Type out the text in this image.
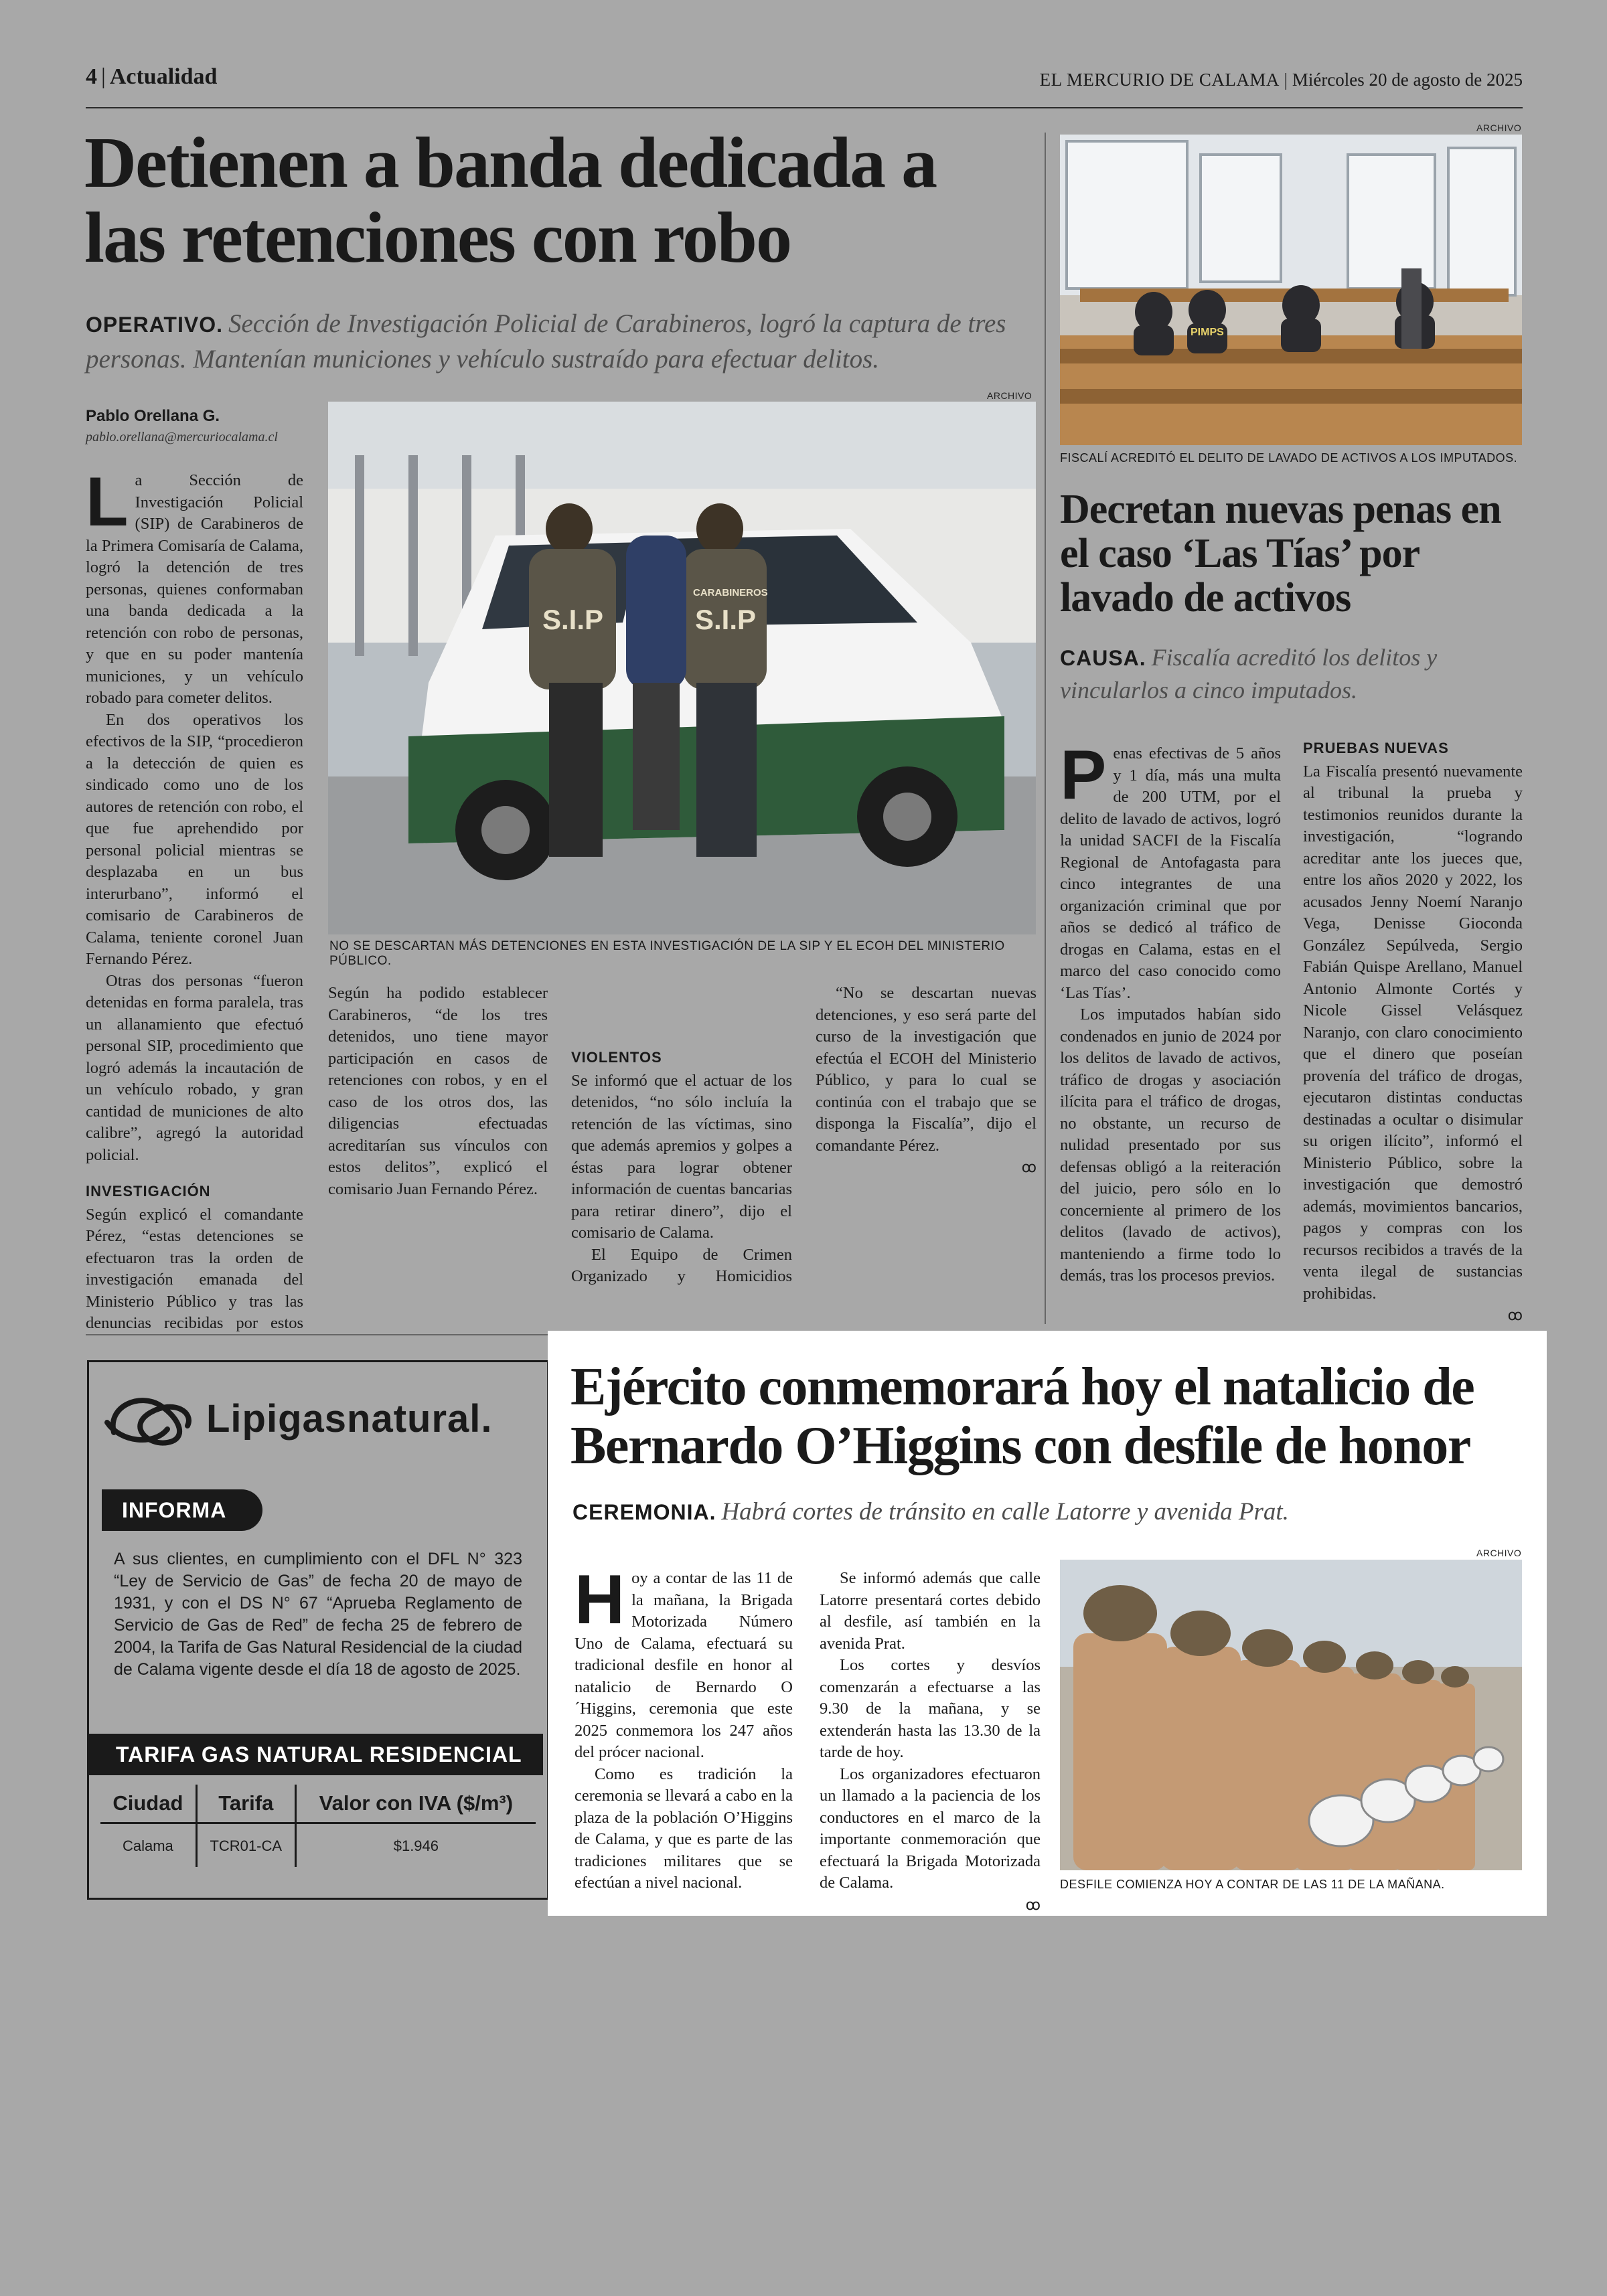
4 | Actualidad	EL MERCURIO DE CALAMA | Miércoles 20 de agosto de 2025
Detienen a banda dedicada a las retenciones con robo
OPERATIVO. Sección de Investigación Policial de Carabineros, logró la captura de tres personas. Mantenían municiones y vehículo sustraído para efectuar delitos.
Pablo Orellana G.
pablo.orellana@mercuriocalama.cl
ARCHIVO
S.I.P	S.I.P
CARABINEROS
NO SE DESCARTAN MÁS DETENCIONES EN ESTA INVESTIGACIÓN DE LA SIP Y EL ECOH DEL MINISTERIO PÚBLICO.

La Sección de Investigación Policial (SIP) de Carabineros de la Primera Comisaría de Calama, logró la detención de tres personas, quienes conformaban una banda dedicada a la retención con robo de personas, y que en su poder mantenía municiones, y un vehículo robado para cometer delitos.

En dos operativos los efectivos de la SIP, “procedieron a la detección de quien es sindicado como uno de los autores de retención con robo, el que fue aprehendido por personal policial mientras se desplazaba en un bus interurbano”, informó el comisario de Carabineros de Calama, teniente coronel Juan Fernando Pérez.

Otras dos personas “fueron detenidas en forma paralela, tras un allanamiento que efectuó personal SIP, procedimiento que logró además la incautación de un vehículo robado, y gran cantidad de municiones de alto calibre”, agregó la autoridad policial.

INVESTIGACIÓN

Según explicó el comandante Pérez, “estas detenciones se efectuaron tras la orden de investigación emanada del Ministerio Público y tras las denuncias recibidas por estos

Según ha podido establecer Carabineros, “de los tres detenidos, uno tiene mayor participación en casos de retenciones con robos, y en el caso de los otros dos, las diligencias efectuadas acreditarían sus vínculos con estos delitos”, explicó el comisario Juan Fernando Pérez.

VIOLENTOS

Se informó que el actuar de los detenidos, “no sólo incluía la retención de las víctimas, sino que además apremios y golpes a éstas para lograr obtener información de cuentas bancarias para retirar dinero”, dijo el comisario de Calama.

El Equipo de Crimen Organizado y Homicidios

“No se descartan nuevas detenciones, y eso será parte del curso de la investigación que efectúa el ECOH del Ministerio Público, y para lo cual se continúa con el trabajo que se disponga la Fiscalía”, dijo el comandante Pérez.

ꝏ
ARCHIVO
PIMPS
FISCALÍ ACREDITÓ EL DELITO DE LAVADO DE ACTIVOS A LOS IMPUTADOS.
Decretan nuevas penas en el caso ‘Las Tías’ por lavado de activos
CAUSA. Fiscalía acreditó los delitos y vincularlos a cinco imputados.

Penas efectivas de 5 años y 1 día, más una multa de 200 UTM, por el delito de lavado de activos, logró la unidad SACFI de la Fiscalía Regional de Antofagasta para cinco integrantes de una organización criminal que por años se dedicó al tráfico de drogas en Calama, estas en el marco del caso conocido como ‘Las Tías’.

Los imputados habían sido condenados en junio de 2024 por los delitos de lavado de activos, tráfico de drogas y asociación ilícita para el tráfico de drogas, no obstante, un recurso de nulidad presentado por sus defensas obligó a la reiteración del juicio, pero sólo en lo concerniente al primero de los delitos (lavado de activos), manteniendo a firme todo lo demás, tras los procesos previos.

PRUEBAS NUEVAS

La Fiscalía presentó nuevamente al tribunal la prueba y testimonios reunidos durante la investigación, “logrando acreditar ante los jueces que, entre los años 2020 y 2022, los acusados Jenny Noemí Naranjo Vega, Denisse Gioconda González Sepúlveda, Sergio Fabián Quispe Arellano, Manuel Antonio Almonte Cortés y Nicole Gissel Velásquez Naranjo, con claro conocimiento que el dinero que poseían provenía del tráfico de drogas, ejecutaron distintas conductas destinadas a ocultar o disimular su origen ilícito”, informó el Ministerio Público, sobre la investigación que demostró además, movimientos bancarios, pagos y compras con los recursos recibidos a través de la venta ilegal de sustancias prohibidas.

ꝏ
Lipigasnatural.
INFORMA
A sus clientes, en cumplimiento con el DFL N° 323 “Ley de Servicio de Gas” de fecha 20 de mayo de 1931, y con el DS N° 67 “Aprueba Reglamento de Servicio de Gas de Red” de fecha 25 de febrero de 2004, la Tarifa de Gas Natural Residencial de la ciudad de Calama vigente desde el día 18 de agosto de 2025.
TARIFA GAS NATURAL RESIDENCIAL
Ciudad	Tarifa	Valor con IVA ($/m³)
Calama	TCR01-CA	$1.946
Ejército conmemorará hoy el natalicio de Bernardo O’Higgins con desfile de honor
CEREMONIA. Habrá cortes de tránsito en calle Latorre y avenida Prat.

Hoy a contar de las 11 de la mañana, la Brigada Motorizada Número Uno de Calama, efectuará su tradicional desfile en honor al natalicio de Bernardo O´Higgins, ceremonia que este 2025 conmemora los 247 años del prócer nacional.

Como es tradición la ceremonia se llevará a cabo en la plaza de la población O’Higgins de Calama, y que es parte de las tradiciones militares que se efectúan a nivel nacional.

Se informó además que calle Latorre presentará cortes debido al desfile, así también en la avenida Prat.

Los cortes y desvíos comenzarán a efectuarse a las 9.30 de la mañana, y se extenderán hasta las 13.30 de la tarde de hoy.

Los organizadores efectuaron un llamado a la paciencia de los conductores en el marco de la importante conmemoración que efectuará la Brigada Motorizada de Calama.

ꝏ
ARCHIVO
DESFILE COMIENZA HOY A CONTAR DE LAS 11 DE LA MAÑANA.
